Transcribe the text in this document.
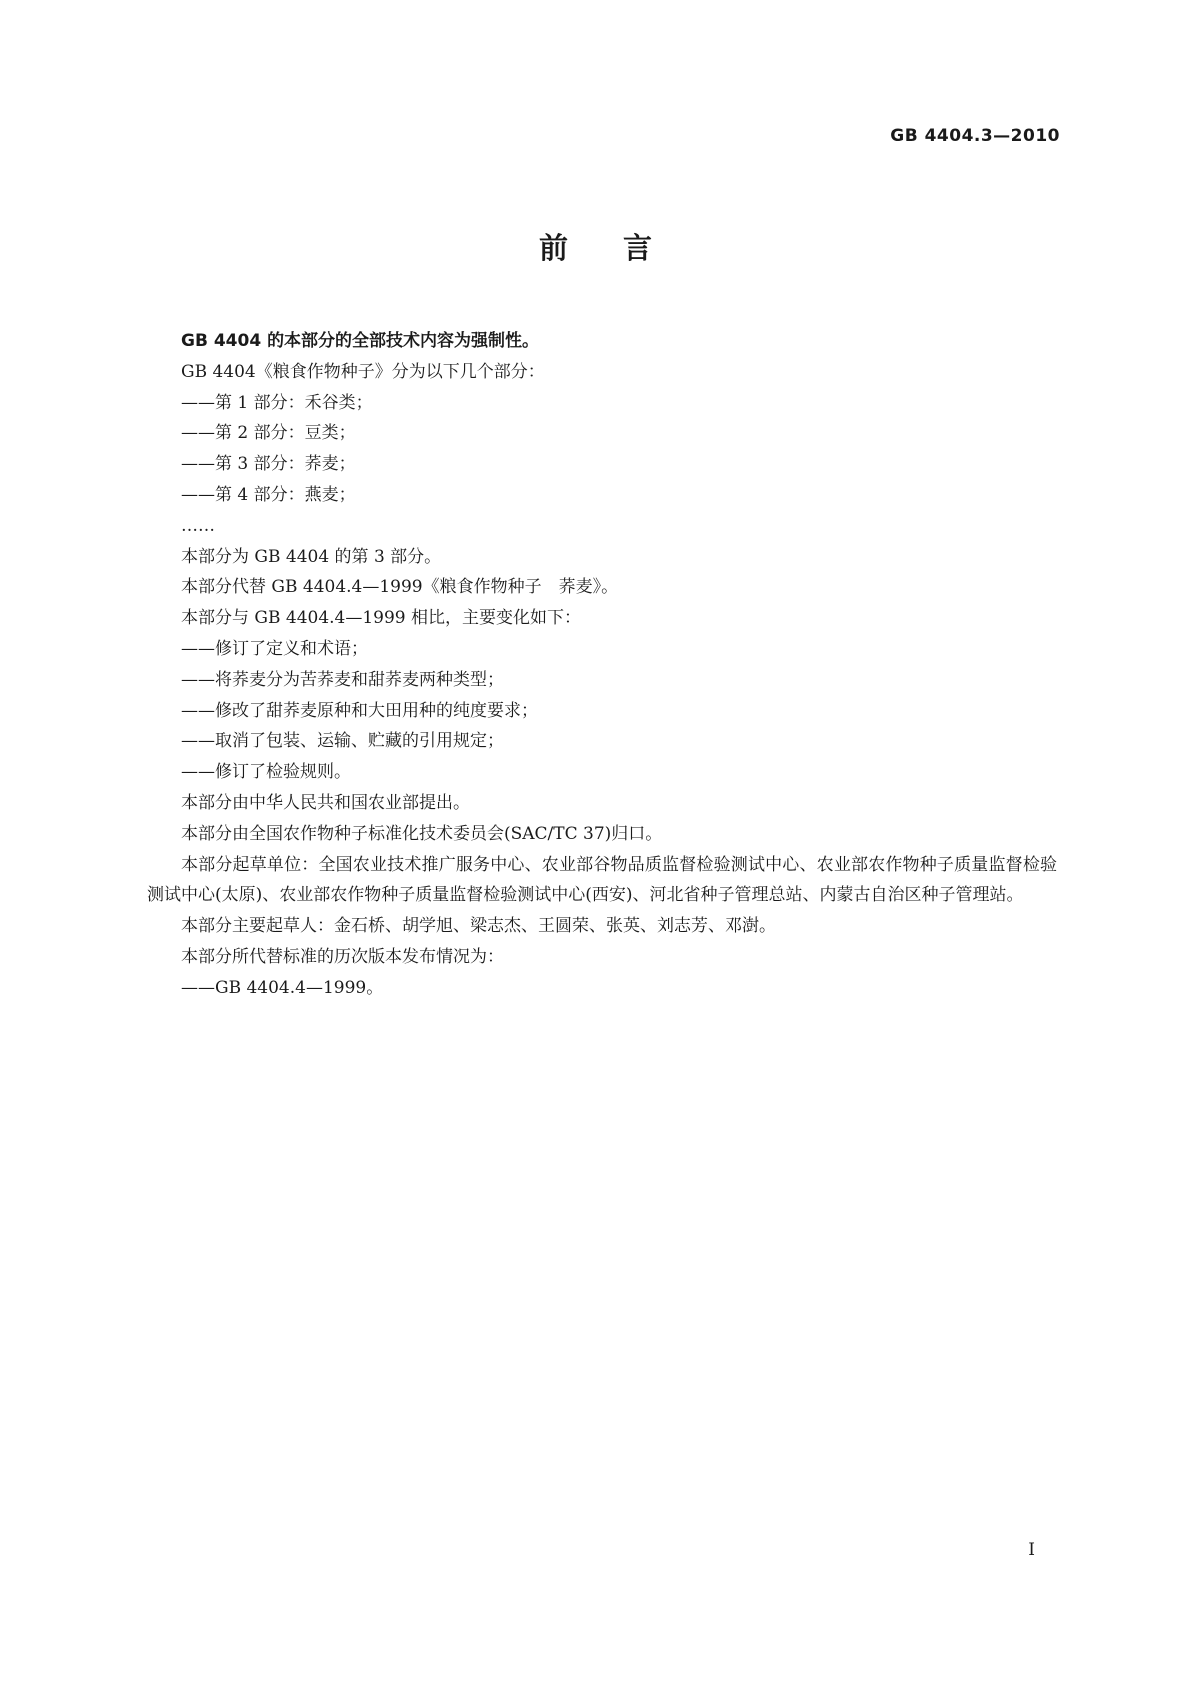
GB 4404.3—2010
前言

GB 4404 的本部分的全部技术内容为强制性。

GB 4404《粮食作物种子》分为以下几个部分：

——第 1 部分：禾谷类；

——第 2 部分：豆类；

——第 3 部分：荞麦；

——第 4 部分：燕麦；

……

本部分为 GB 4404 的第 3 部分。

本部分代替 GB 4404.4—1999《粮食作物种子　荞麦》。

本部分与 GB 4404.4—1999 相比，主要变化如下：

——修订了定义和术语；

——将荞麦分为苦荞麦和甜荞麦两种类型；

——修改了甜荞麦原种和大田用种的纯度要求；

——取消了包装、运输、贮藏的引用规定；

——修订了检验规则。

本部分由中华人民共和国农业部提出。

本部分由全国农作物种子标准化技术委员会(SAC/TC 37)归口。

本部分起草单位：全国农业技术推广服务中心、农业部谷物品质监督检验测试中心、农业部农作物种子质量监督检验测试中心(太原)、农业部农作物种子质量监督检验测试中心(西安)、河北省种子管理总站、内蒙古自治区种子管理站。

本部分主要起草人：金石桥、胡学旭、梁志杰、王圆荣、张英、刘志芳、邓澍。

本部分所代替标准的历次版本发布情况为：

——GB 4404.4—1999。

I
